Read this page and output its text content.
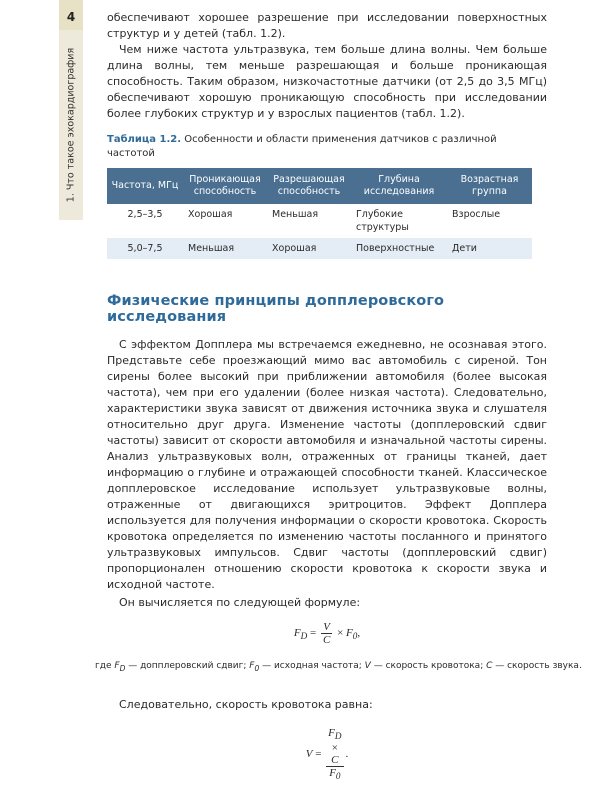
4
1. Что такое эхокардиография

обеспечивают хорошее разрешение при исследовании поверхностных структур и у детей (табл. 1.2).

Чем ниже частота ультразвука, тем больше длина волны. Чем больше длина волны, тем меньше разрешающая и больше проникающая способность. Таким образом, низкочастотные датчики (от 2,5 до 3,5 МГц) обеспечивают хорошую проникающую способность при исследовании более глубоких структур и у взрослых пациентов (табл. 1.2).

Таблица 1.2. Особенности и области применения датчиков с различной частотой
Частота, МГц	Проникающая способность	Разрешающая способность	Глубина исследования	Возрастная группа
2,5–3,5	Хорошая	Меньшая	Глубокие структуры	Взрослые
5,0–7,5	Меньшая	Хорошая	Поверхностные	Дети
Физические принципы допплеровского исследования

С эффектом Допплера мы встречаемся ежедневно, не осознавая этого. Представьте себе проезжающий мимо вас автомобиль с сиреной. Тон сирены более высокий при приближении автомобиля (более высокая частота), чем при его удалении (более низкая частота). Следовательно, характеристики звука зависят от движения источника звука и слушателя относительно друг друга. Изменение частоты (допплеровский сдвиг частоты) зависит от скорости автомобиля и изначальной частоты сирены. Анализ ультразвуковых волн, отраженных от границы тканей, дает информацию о глубине и отражающей способности тканей. Классическое допплеровское исследование использует ультразвуковые волны, отраженные от двигающихся эритроцитов. Эффект Допплера используется для получения информации о скорости кровотока. Скорость кровотока определяется по изменению частоты посланного и принятого ультразвуковых импульсов. Сдвиг частоты (допплеровский сдвиг) пропорционален отношению скорости кровотока к скорости звука и исходной частоте.

Он вычисляется по следующей формуле:

$F_D = \frac{V}{C} \times F_0$,
где $F_D$ — допплеровский сдвиг; $F_0$ — исходная частота; V — скорость кровотока; C — скорость звука.

Следовательно, скорость кровотока равна:

$V = F_D$
×
C
$F_0$ .
